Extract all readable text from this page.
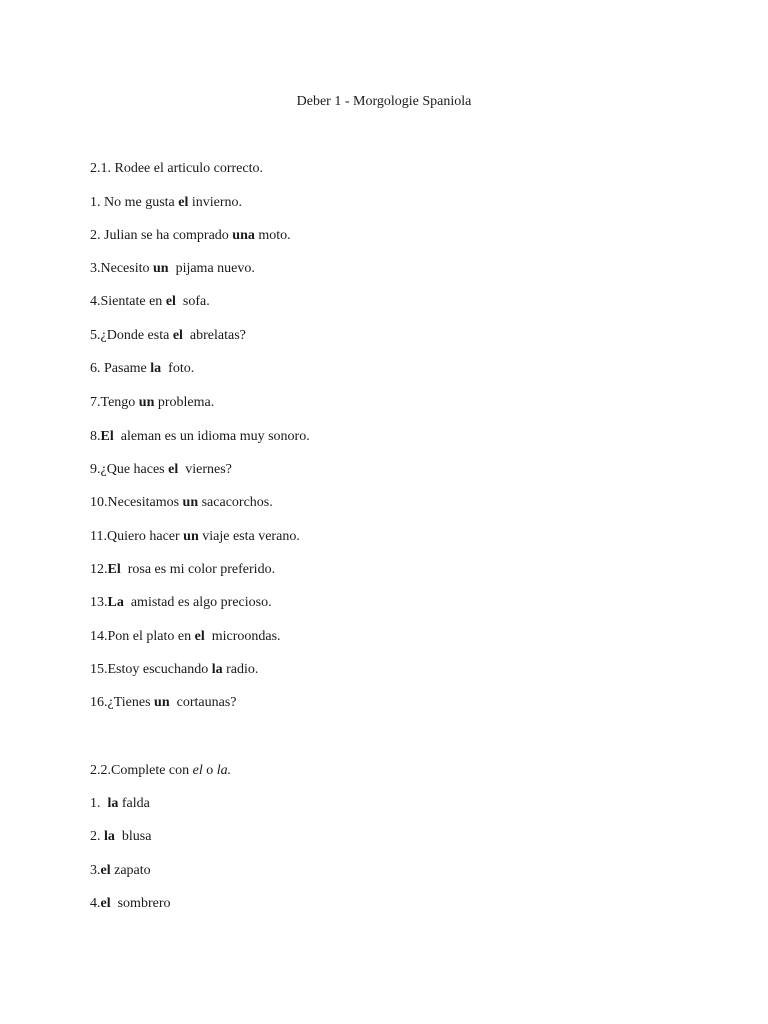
Deber 1 - Morgologie Spaniola
2.1. Rodee el articulo correcto.
1. No me gusta el invierno.
2. Julian se ha comprado una moto.
3.Necesito un  pijama nuevo.
4.Sientate en el  sofa.
5.¿Donde esta el  abrelatas?
6. Pasame la  foto.
7.Tengo un problema.
8.El  aleman es un idioma muy sonoro.
9.¿Que haces el  viernes?
10.Necesitamos un sacacorchos.
11.Quiero hacer un viaje esta verano.
12.El  rosa es mi color preferido.
13.La  amistad es algo precioso.
14.Pon el plato en el  microondas.
15.Estoy escuchando la radio.
16.¿Tienes un  cortaunas?
2.2.Complete con el o la.
1.  la falda
2. la  blusa
3.el zapato
4.el  sombrero
